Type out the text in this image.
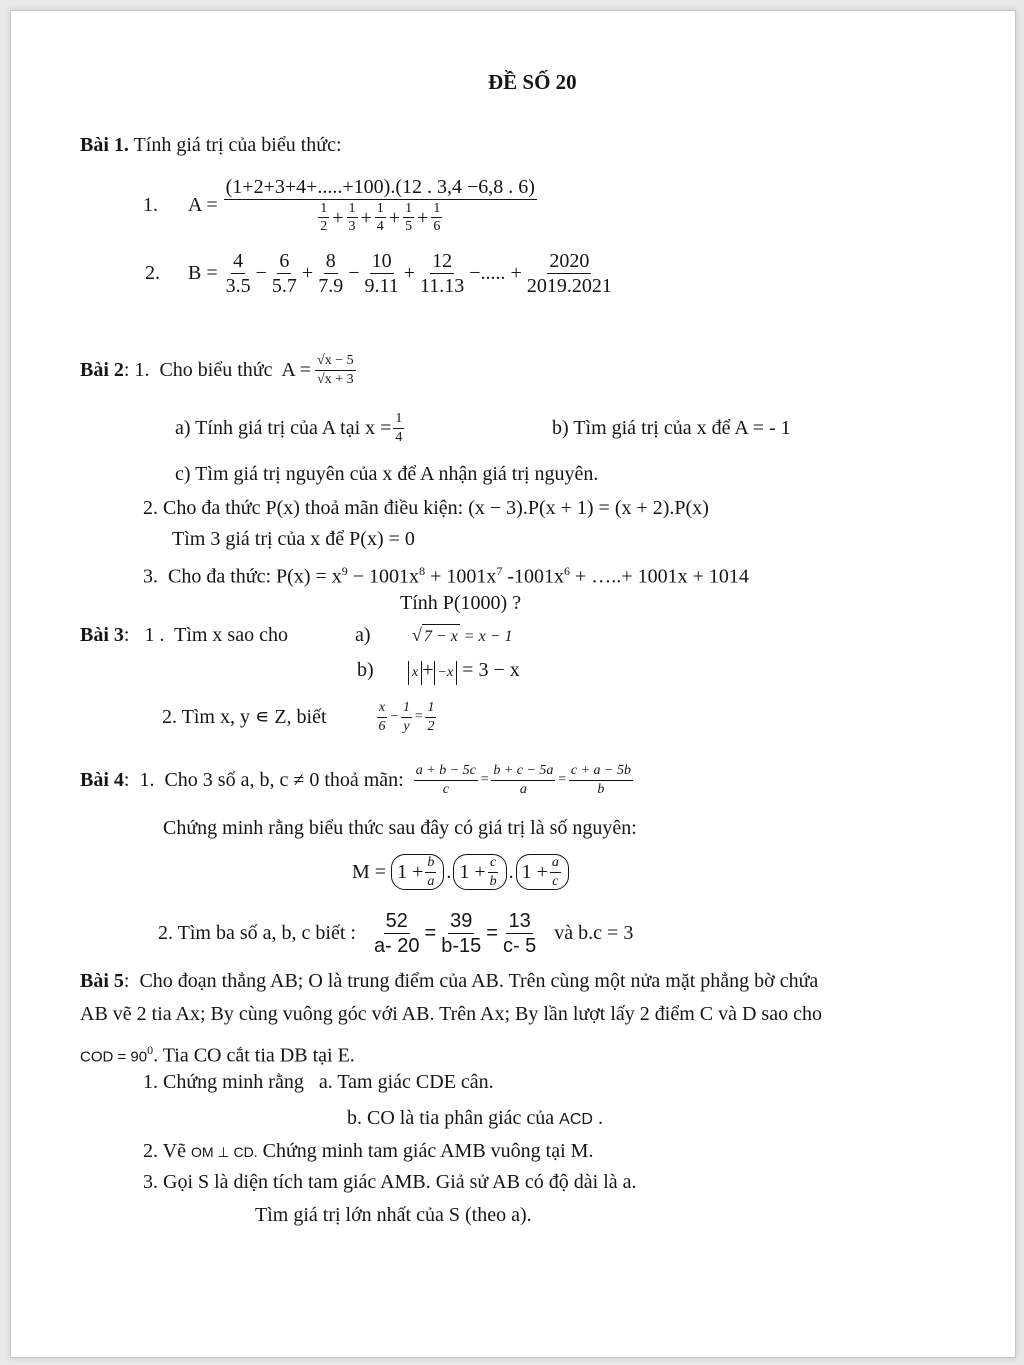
ĐỀ SỐ 20
Bài 1. Tính giá trị của biểu thức:
1. $A = \frac{(1+2+3+4+.....+100).(12 . 3,4 -6,8 . 6)}{\frac{1}{2} + \frac{1}{3} + \frac{1}{4} + \frac{1}{5} + \frac{1}{6}}$
2. $B = \frac{4}{3.5} - \frac{6}{5.7} + \frac{8}{7.9} - \frac{10}{9.11} + \frac{12}{11.13}$ −..... + $\frac{2020}{2019.2021}$
Bài 2 : 1.  Cho biểu thức  $A = \frac{√x - 5}{√x + 3}$
a) Tính giá trị của A tại $x = \frac{1}{4}$	b) Tìm giá trị của x để A = - 1
c) Tìm giá trị nguyên của x để A nhận giá trị nguyên.
2. Cho đa thức P(x) thoả mãn điều kiện: (x − 3).P(x + 1) = (x + 2).P(x)
Tìm 3 giá trị của x để P(x) = 0
3.  Cho đa thức: $P(x) = x^9 - 1001x^8 + 1001x^7$ $-1001x^6$ + …..+ 1001x + 1014
Tính P(1000) ?
Bài 3:   1 .  Tìm x sao cho	a) √ 7 − x = x − 1
b)	x + −x = 3 − x
2. Tìm x, y ∊ Z, biết	$\frac{x}{6} - \frac{1}{y} = \frac{1}{2}$
Bài 4 :  1.  Cho 3 số a, b, c ≠ 0 thoả mãn: $\frac{a + b - 5c}{c} = \frac{b + c - 5a}{a} = \frac{c + a - 5b}{b}$
Chứng minh rằng biểu thức sau đây có giá trị là số nguyên:
$M = 1 + \frac{b}{a}$ . $1 + \frac{c}{b}$ . $1 + \frac{a}{c}$
2. Tìm ba số a, b, c biết : $\frac{52}{a- 20} = \frac{39}{b-15} = \frac{13}{c- 5}$ và b.c = 3
Bài 5:  Cho đoạn thẳng AB; O là trung điểm của AB. Trên cùng một nửa mặt phẳng bờ chứa
AB vẽ 2 tia Ax; By cùng vuông góc với AB. Trên Ax; By lần lượt lấy 2 điểm C và D sao cho
COD = $90^0$. Tia CO cắt tia DB tại E.
1. Chứng minh rằng   a. Tam giác CDE cân.
b. CO là tia phân giác của ACD .
2. Vẽ OM ⊥ CD. Chứng minh tam giác AMB vuông tại M.
3. Gọi S là diện tích tam giác AMB. Giả sử AB có độ dài là a.
Tìm giá trị lớn nhất của S (theo a).
